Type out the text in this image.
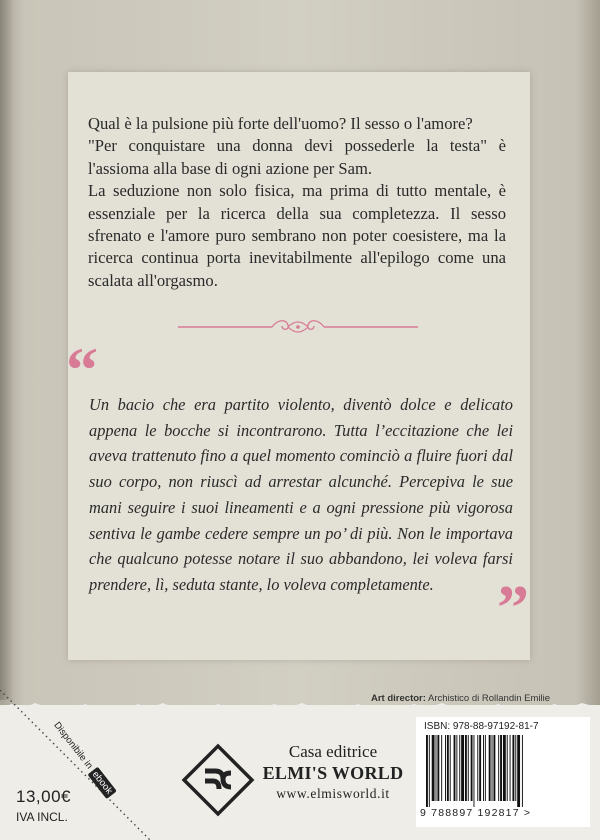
Qual è la pulsione più forte dell'uomo? Il sesso o l'amore?

"Per conquistare una donna devi possederle la testa" è l'assioma alla base di ogni azione per Sam.

La seduzione non solo fisica, ma prima di tutto mentale, è essenziale per la ricerca della sua completezza. Il sesso sfrenato e l'amore puro sembrano non poter coesistere, ma la ricerca continua porta inevitabilmente all'epilogo come una scalata all'orgasmo.

“
Un bacio che era partito violento, diventò dolce e delicato appena le bocche si incontrarono. Tutta l’eccitazione che lei aveva trattenuto fino a quel momento cominciò a fluire fuori dal suo corpo, non riuscì ad arrestar alcunché. Percepiva le sue mani seguire i suoi lineamenti e a ogni pressione più vigorosa sentiva le gambe cedere sempre un po’ di più. Non le importava che qualcuno potesse notare il suo abbandono, lei voleva farsi prendere, lì, seduta stante, lo voleva completamente. ”
Art director: Archistico di Rollandin Emilie
Disponibile inebook
13,00€
IVA INCL.
Casa editrice
ELMI'S WORLD
www.elmisworld.it
ISBN: 978-88-97192-81-7
9 788897 192817 >
